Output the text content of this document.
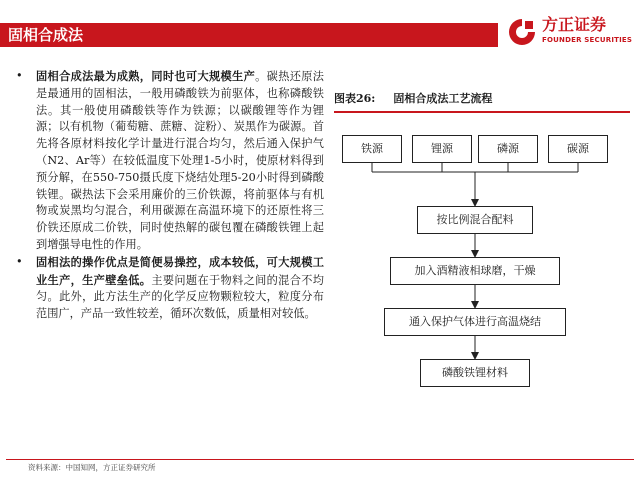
固相合成法
方正证券
FOUNDER SECURITIES

• 固相合成法最为成熟，同时也可大规模生产。碳热还原法是最通用的固相法，一般用磷酸铁为前驱体，也称磷酸铁法。其一般使用磷酸铁等作为铁源；以碳酸锂等作为锂源；以有机物（葡萄糖、蔗糖、淀粉）、炭黑作为碳源。首先将各原材料按化学计量进行混合均匀，然后通入保护气（N2、Ar等）在较低温度下处理1-5小时，使原材料得到预分解，在550-750摄氏度下烧结处理5-20小时得到磷酸铁锂。碳热法下会采用廉价的三价铁源，将前驱体与有机物或炭黑均匀混合，利用碳源在高温环境下的还原性将三价铁还原成二价铁，同时使热解的碳包覆在磷酸铁锂上起到增强导电性的作用。

• 固相法的操作优点是简便易操控，成本较低，可大规模工业生产，生产壁垒低。主要问题在于物料之间的混合不均匀。此外，此方法生产的化学反应物颗粒较大，粒度分布范围广，产品一致性较差，循环次数低，质量相对较低。

图表26: 固相合成法工艺流程
铁源	锂源	磷源	碳源
按比例混合配料
加入酒精液相球磨，干燥
通入保护气体进行高温烧结
磷酸铁锂材料
资料来源：中国知网，方正证券研究所
